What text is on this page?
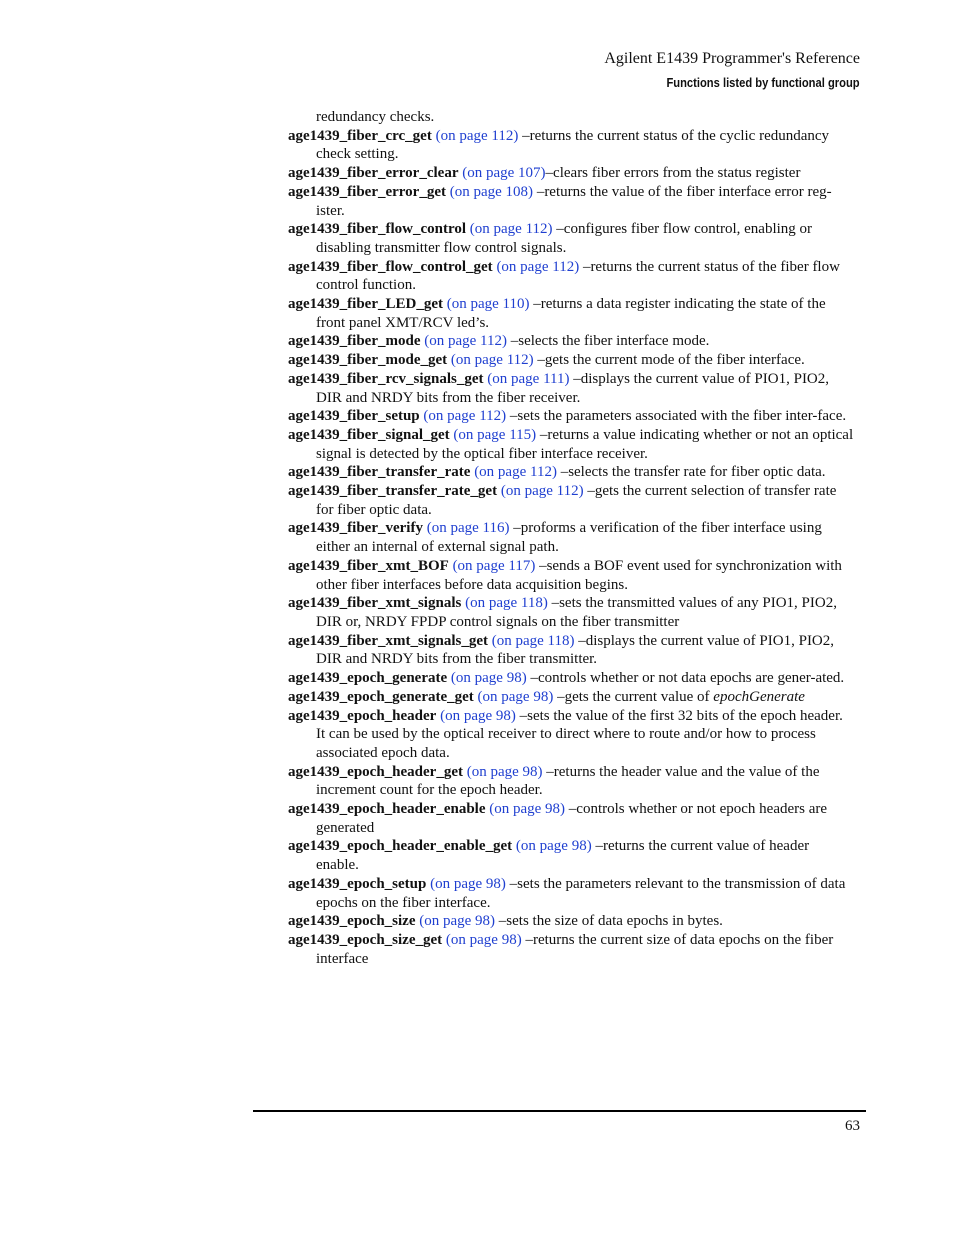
Agilent E1439 Programmer's Reference
Functions listed by functional group
redundancy checks.
age1439_fiber_crc_get (on page 112) –returns the current status of the cyclic redundancy check setting.
age1439_fiber_error_clear (on page 107)–clears fiber errors from the status register
age1439_fiber_error_get (on page 108) –returns the value of the fiber interface error reg-ister.
age1439_fiber_flow_control (on page 112) –configures fiber flow control, enabling or disabling transmitter flow control signals.
age1439_fiber_flow_control_get (on page 112) –returns the current status of the fiber flow control function.
age1439_fiber_LED_get (on page 110) –returns a data register indicating the state of the front panel XMT/RCV led’s.
age1439_fiber_mode (on page 112) –selects the fiber interface mode.
age1439_fiber_mode_get (on page 112) –gets the current mode of the fiber interface.
age1439_fiber_rcv_signals_get (on page 111) –displays the current value of PIO1, PIO2, DIR and NRDY bits from the fiber receiver.
age1439_fiber_setup (on page 112) –sets the parameters associated with the fiber inter-face.
age1439_fiber_signal_get (on page 115) –returns a value indicating whether or not an optical signal is detected by the optical fiber interface receiver.
age1439_fiber_transfer_rate (on page 112) –selects the transfer rate for fiber optic data.
age1439_fiber_transfer_rate_get (on page 112) –gets the current selection of transfer rate for fiber optic data.
age1439_fiber_verify (on page 116) –proforms a verification of the fiber interface using either an internal of external signal path.
age1439_fiber_xmt_BOF (on page 117) –sends a BOF event used for synchronization with other fiber interfaces before data acquisition begins.
age1439_fiber_xmt_signals (on page 118) –sets the transmitted values of any PIO1, PIO2, DIR or, NRDY FPDP control signals on the fiber transmitter
age1439_fiber_xmt_signals_get (on page 118) –displays the current value of PIO1, PIO2, DIR and NRDY bits from the fiber transmitter.
age1439_epoch_generate (on page 98) –controls whether or not data epochs are gener-ated.
age1439_epoch_generate_get (on page 98) –gets the current value of epochGenerate
age1439_epoch_header (on page 98) –sets the value of the first 32 bits of the epoch header. It can be used by the optical receiver to direct where to route and/or how to process associated epoch data.
age1439_epoch_header_get (on page 98) –returns the header value and the value of the increment count for the epoch header.
age1439_epoch_header_enable (on page 98) –controls whether or not epoch headers are generated
age1439_epoch_header_enable_get (on page 98) –returns the current value of header enable.
age1439_epoch_setup (on page 98) –sets the parameters relevant to the transmission of data epochs on the fiber interface.
age1439_epoch_size (on page 98) –sets the size of data epochs in bytes.
age1439_epoch_size_get (on page 98) –returns the current size of data epochs on the fiber interface
63
